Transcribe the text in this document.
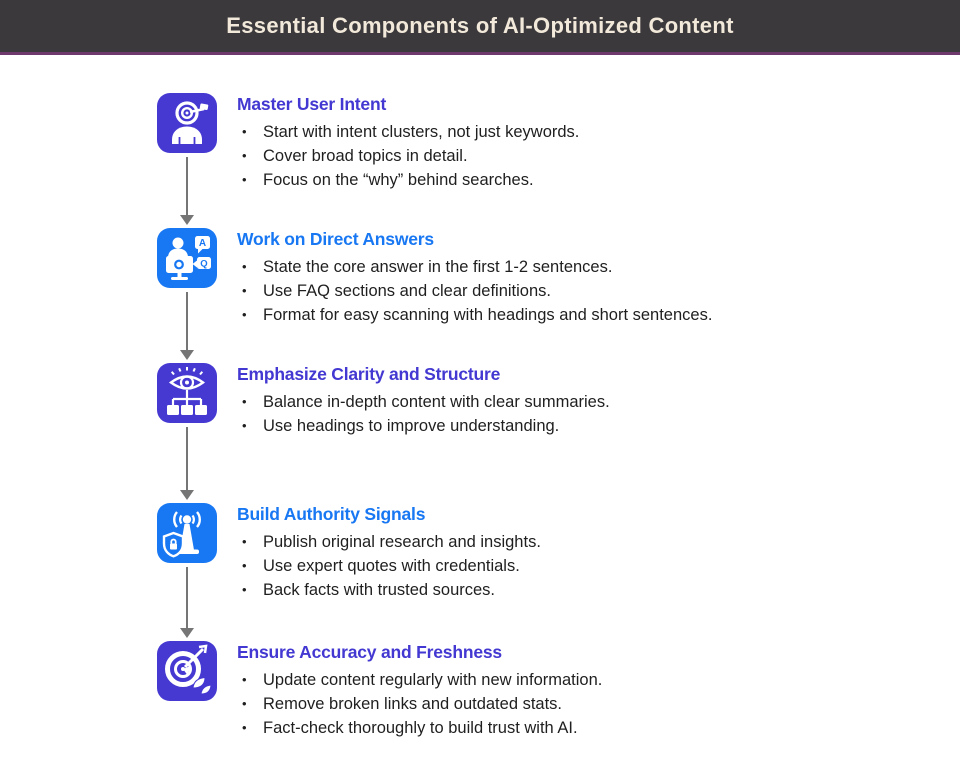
Essential Components of AI-Optimized Content
Master User Intent
• Start with intent clusters, not just keywords.
• Cover broad topics in detail.
• Focus on the “why” behind searches.
A
Q
Work on Direct Answers
• State the core answer in the first 1-2 sentences.
• Use FAQ sections and clear definitions.
• Format for easy scanning with headings and short sentences.
Emphasize Clarity and Structure
• Balance in-depth content with clear summaries.
• Use headings to improve understanding.
Build Authority Signals
• Publish original research and insights.
• Use expert quotes with credentials.
• Back facts with trusted sources.
Ensure Accuracy and Freshness
• Update content regularly with new information.
• Remove broken links and outdated stats.
• Fact-check thoroughly to build trust with AI.
